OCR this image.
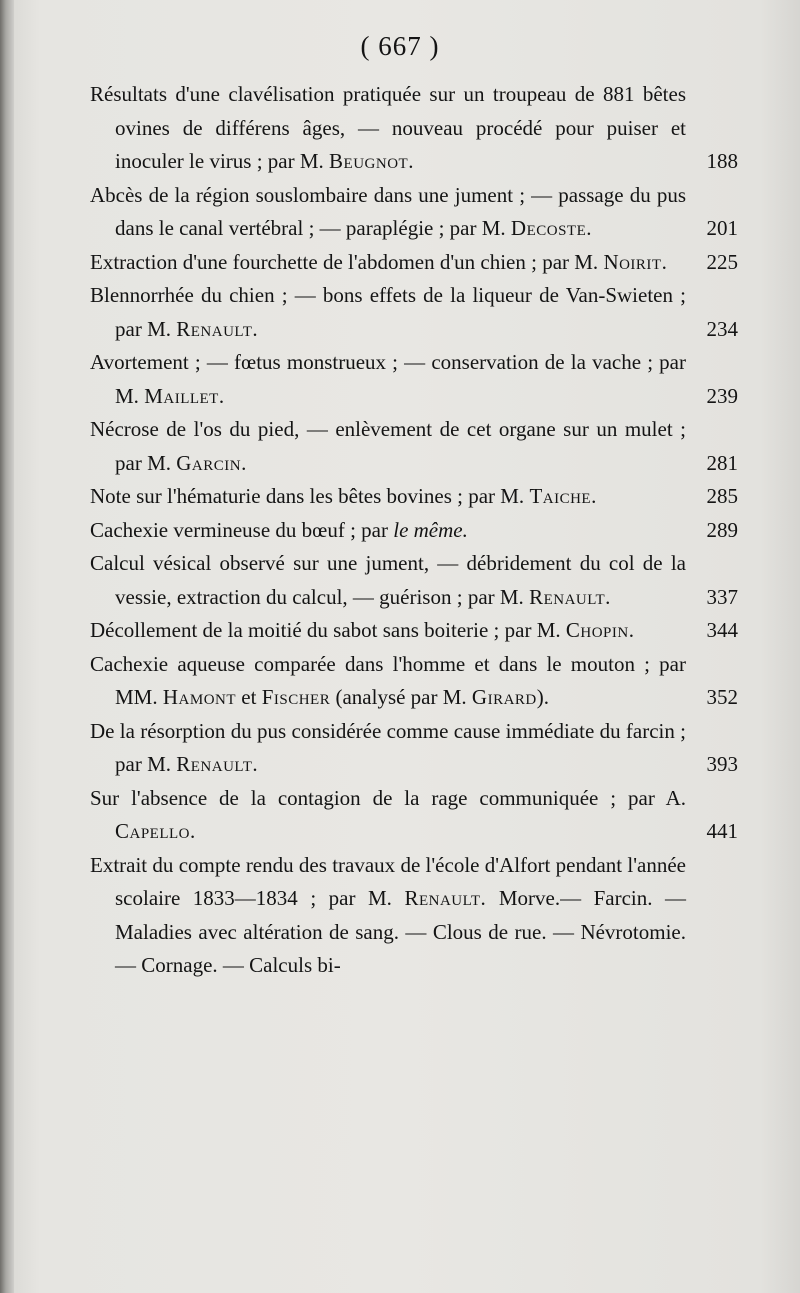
( 667 )
Résultats d'une clavélisation pratiquée sur un troupeau de 881 bêtes ovines de différens âges, — nouveau procédé pour puiser et inoculer le virus ; par M. Beugnot.	188
Abcès de la région souslombaire dans une jument ; — passage du pus dans le canal vertébral ; — paraplégie ; par M. Decoste.	201
Extraction d'une fourchette de l'abdomen d'un chien ; par M. Noirit.	225
Blennorrhée du chien ; — bons effets de la liqueur de Van-Swieten ; par M. Renault.	234
Avortement ; — fœtus monstrueux ; — conservation de la vache ; par M. Maillet.	239
Nécrose de l'os du pied, — enlèvement de cet organe sur un mulet ; par M. Garcin.	281
Note sur l'hématurie dans les bêtes bovines ; par M. Taiche.	285
Cachexie vermineuse du bœuf ; par le même.	289
Calcul vésical observé sur une jument, — débridement du col de la vessie, extraction du calcul, — guérison ; par M. Renault.	337
Décollement de la moitié du sabot sans boiterie ; par M. Chopin.	344
Cachexie aqueuse comparée dans l'homme et dans le mouton ; par MM. Hamont et Fischer (analysé par M. Girard).	352
De la résorption du pus considérée comme cause immédiate du farcin ; par M. Renault.	393
Sur l'absence de la contagion de la rage communiquée ; par A. Capello.	441
Extrait du compte rendu des travaux de l'école d'Alfort pendant l'année scolaire 1833—1834 ; par M. Renault. Morve.— Farcin. — Maladies avec altération de sang. — Clous de rue. — Névrotomie. — Cornage. — Calculs bi-
